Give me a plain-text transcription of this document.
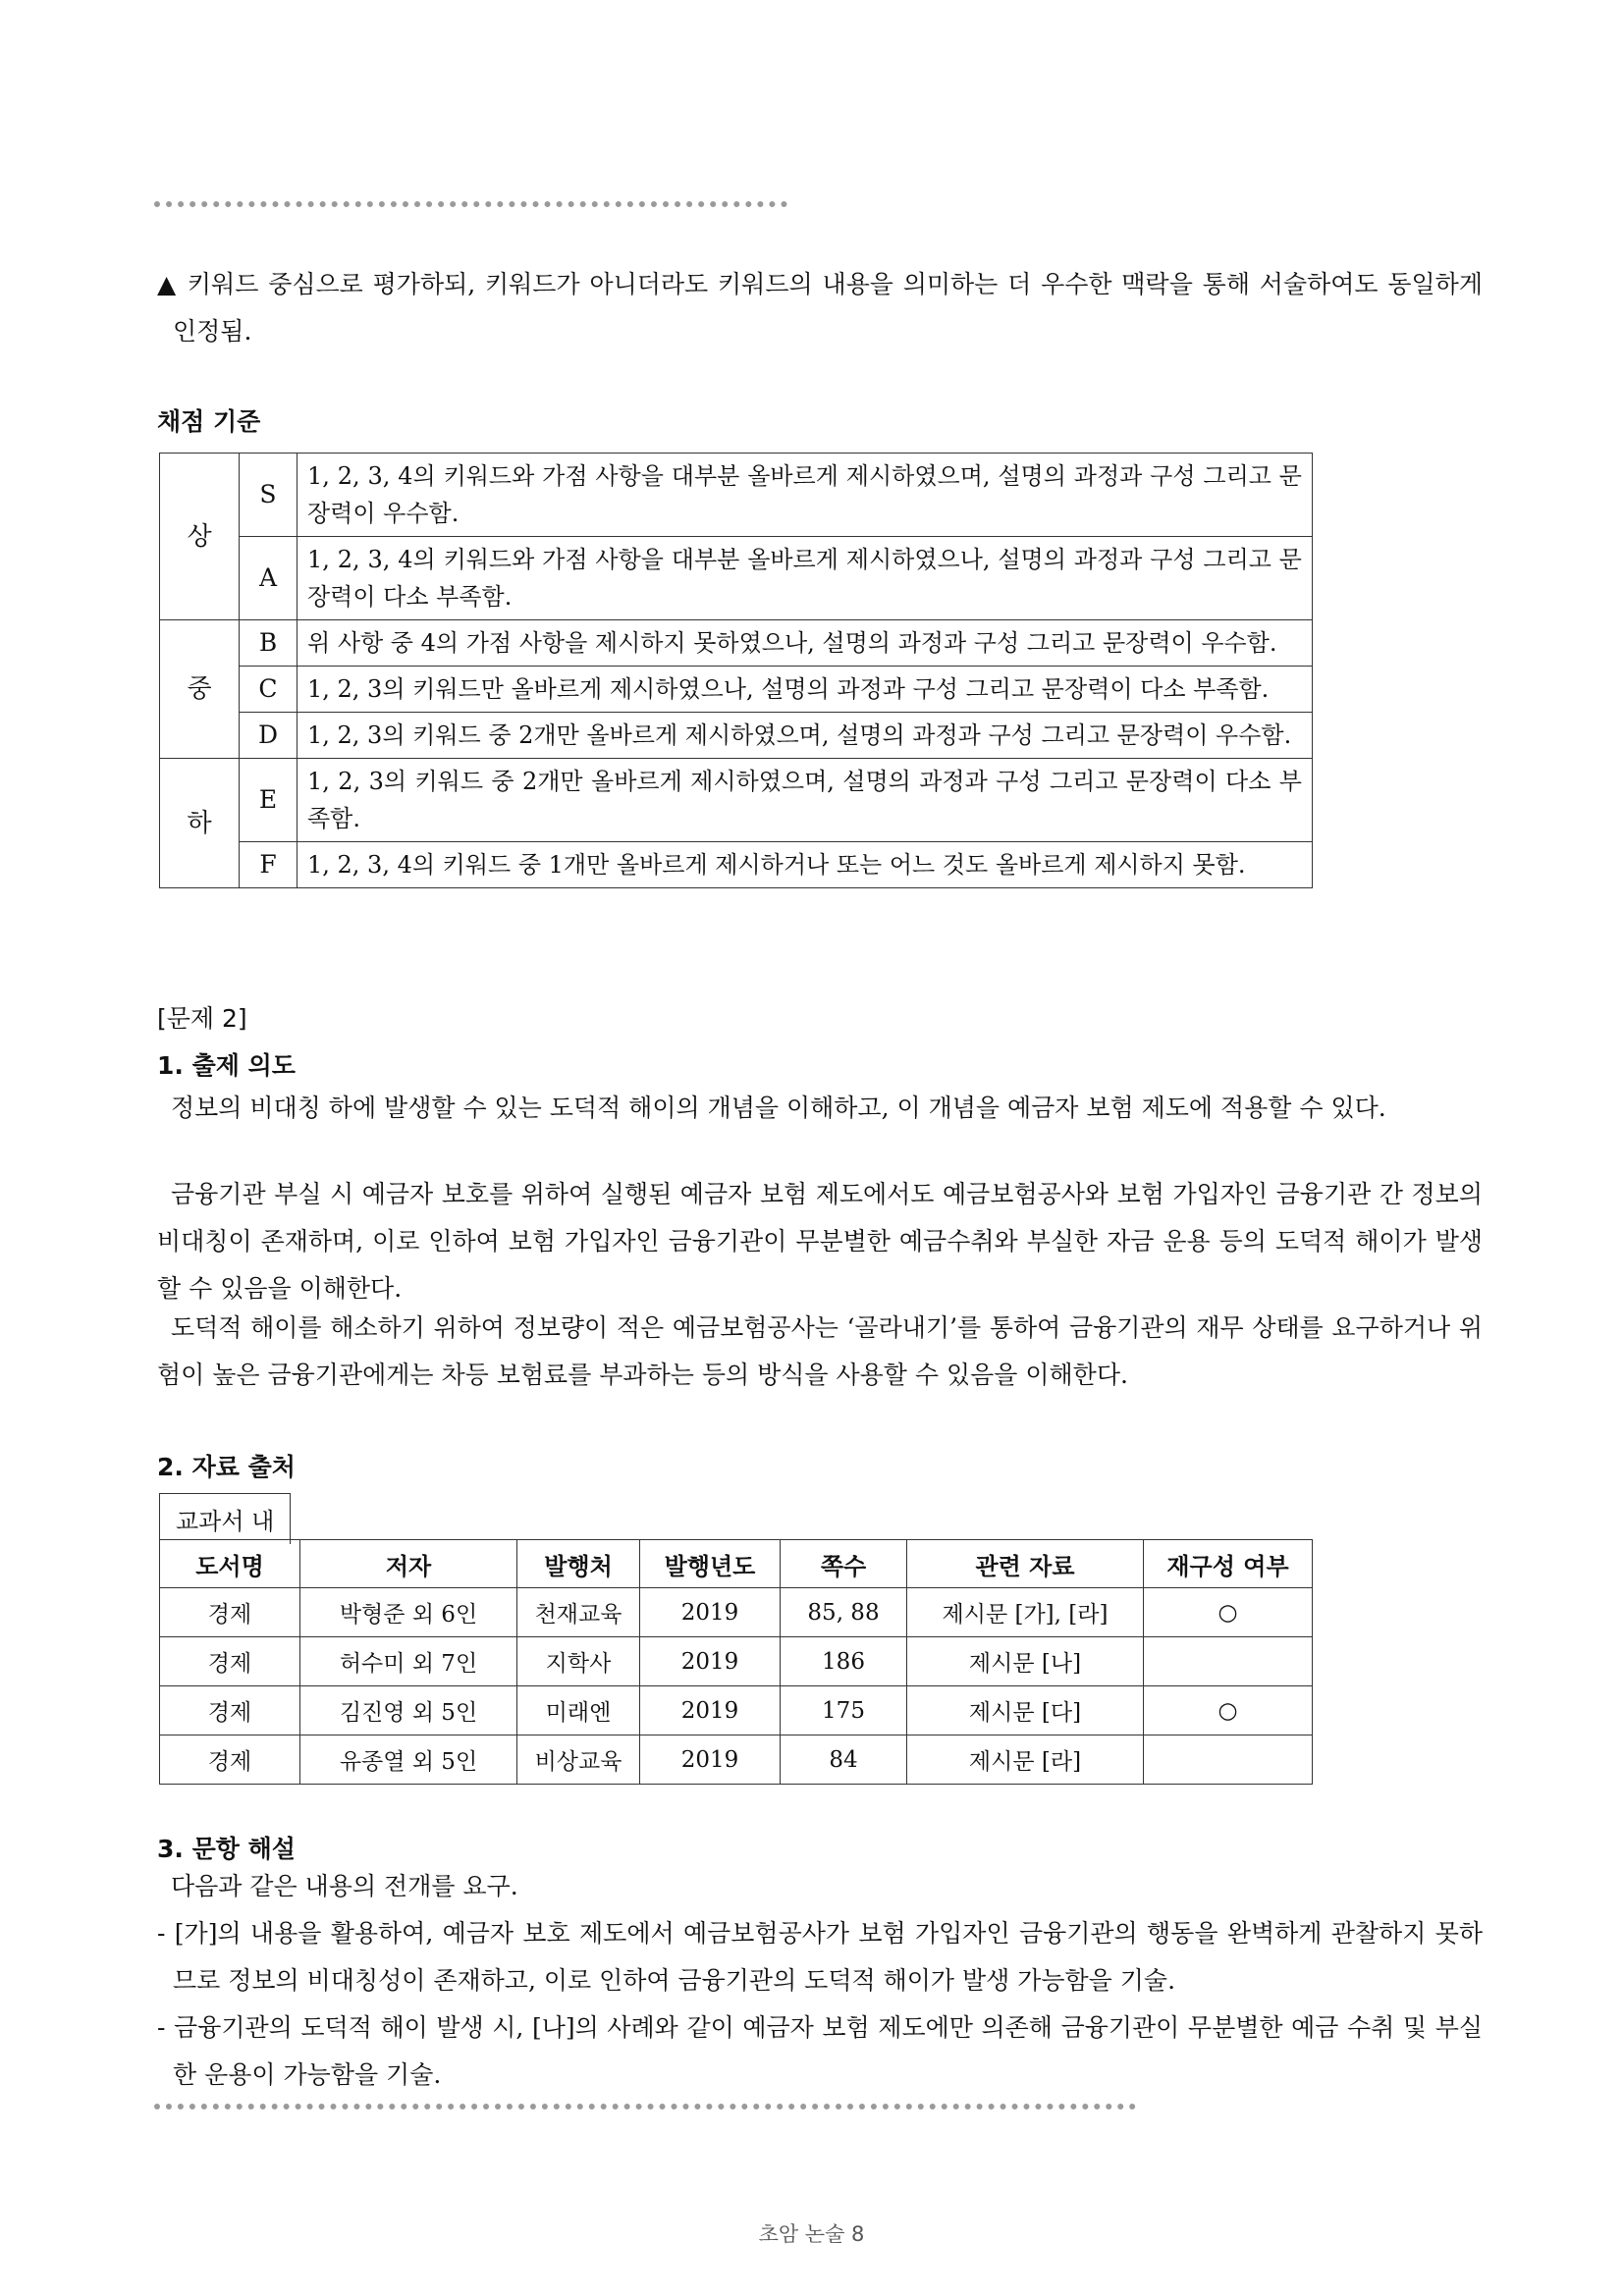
▲ 키워드 중심으로 평가하되, 키워드가 아니더라도 키워드의 내용을 의미하는 더 우수한 맥락을 통해 서술하여도 동일하게 인정됨.

채점 기준

상	S	1, 2, 3, 4의 키워드와 가점 사항을 대부분 올바르게 제시하였으며, 설명의 과정과 구성 그리고 문장력이 우수함.
	A	1, 2, 3, 4의 키워드와 가점 사항을 대부분 올바르게 제시하였으나, 설명의 과정과 구성 그리고 문장력이 다소 부족함.
중	B	위 사항 중 4의 가점 사항을 제시하지 못하였으나, 설명의 과정과 구성 그리고 문장력이 우수함.
	C	1, 2, 3의 키워드만 올바르게 제시하였으나, 설명의 과정과 구성 그리고 문장력이 다소 부족함.
	D	1, 2, 3의 키워드 중 2개만 올바르게 제시하였으며, 설명의 과정과 구성 그리고 문장력이 우수함.
하	E	1, 2, 3의 키워드 중 2개만 올바르게 제시하였으며, 설명의 과정과 구성 그리고 문장력이 다소 부족함.
	F	1, 2, 3, 4의 키워드 중 1개만 올바르게 제시하거나 또는 어느 것도 올바르게 제시하지 못함.

[문제 2]

1. 출제 의도

정보의 비대칭 하에 발생할 수 있는 도덕적 해이의 개념을 이해하고, 이 개념을 예금자 보험 제도에 적용할 수 있다.

금융기관 부실 시 예금자 보호를 위하여 실행된 예금자 보험 제도에서도 예금보험공사와 보험 가입자인 금융기관 간 정보의 비대칭이 존재하며, 이로 인하여 보험 가입자인 금융기관이 무분별한 예금수취와 부실한 자금 운용 등의 도덕적 해이가 발생할 수 있음을 이해한다.

도덕적 해이를 해소하기 위하여 정보량이 적은 예금보험공사는 ‘골라내기’를 통하여 금융기관의 재무 상태를 요구하거나 위험이 높은 금융기관에게는 차등 보험료를 부과하는 등의 방식을 사용할 수 있음을 이해한다.

2. 자료 출처

교과서 내
도서명	저자	발행처	발행년도	쪽수	관련 자료	재구성 여부
경제	박형준 외 6인	천재교육	2019	85, 88	제시문 [가], [라]	○
경제	허수미 외 7인	지학사	2019	186	제시문 [나]	
경제	김진영 외 5인	미래엔	2019	175	제시문 [다]	○
경제	유종열 외 5인	비상교육	2019	84	제시문 [라]	

3. 문항 해설

다음과 같은 내용의 전개를 요구.

- [가]의 내용을 활용하여, 예금자 보호 제도에서 예금보험공사가 보험 가입자인 금융기관의 행동을 완벽하게 관찰하지 못하므로 정보의 비대칭성이 존재하고, 이로 인하여 금융기관의 도덕적 해이가 발생 가능함을 기술.

- 금융기관의 도덕적 해이 발생 시, [나]의 사례와 같이 예금자 보험 제도에만 의존해 금융기관이 무분별한 예금 수취 및 부실한 운용이 가능함을 기술.

초암 논술 8
